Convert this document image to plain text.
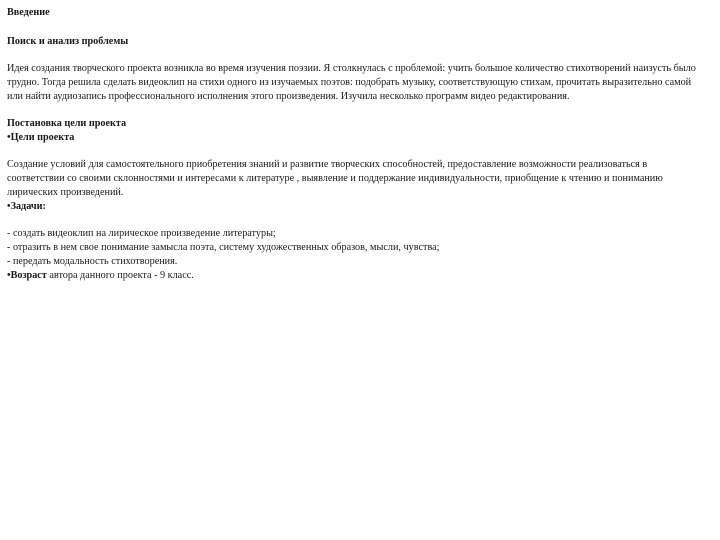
Введение

Поиск и анализ проблемы

Идея создания творческого проекта возникла во время изучения поэзии. Я столкнулась с проблемой: учить большое количество стихотворений наизусть было трудно. Тогда решила сделать видеоклип на стихи одного из изучаемых поэтов: подобрать музыку, соответствующую стихам, прочитать выразительно самой или найти аудиозапись профессионального исполнения этого произведения. Изучила несколько программ видео редактирования.

Постановка цели проекта

•Цели проекта

Создание условий для самостоятельного приобретения знаний и развитие творческих способностей, предоставление возможности реализоваться в соответствии со своими склонностями и интересами к литературе , выявление и поддержание индивидуальности, приобщение к чтению и пониманию лирических произведений.

•Задачи:

- создать видеоклип на лирическое произведение литературы;

- отразить в нем свое понимание замысла поэта, систему художественных образов, мысли, чувства;

- передать модальность стихотворения.

•Возраст автора данного проекта - 9 класс.
